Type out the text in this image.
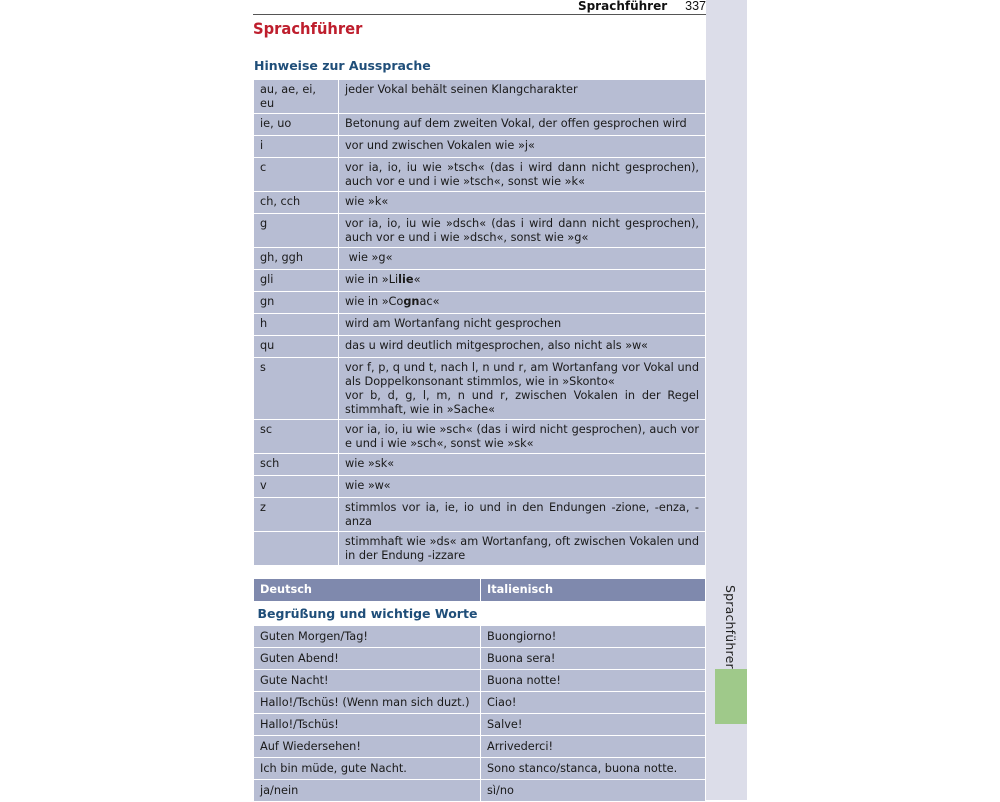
Sprachführer
Sprachführer 337
Sprachführer
Hinweise zur Aussprache
au, ae, ei, eu	jeder Vokal behält seinen Klangcharakter
ie, uo	Betonung auf dem zweiten Vokal, der offen gesprochen wird
i	vor und zwischen Vokalen wie »j«
c	vor ia, io, iu wie »tsch« (das i wird dann nicht gesprochen), auch vor e und i wie »tsch«, sonst wie »k«
ch, cch	wie »k«
g	vor ia, io, iu wie »dsch« (das i wird dann nicht gesprochen), auch vor e und i wie »dsch«, sonst wie »g«
gh, ggh	wie »g«
gli	wie in »Lilie«
gn	wie in »Cognac«
h	wird am Wortanfang nicht gesprochen
qu	das u wird deutlich mitgesprochen, also nicht als »w«
s	vor f, p, q und t, nach l, n und r, am Wortanfang vor Vokal und als Doppelkonsonant stimmlos, wie in »Skonto«
vor b, d, g, l, m, n und r, zwischen Vokalen in der Regel stimmhaft, wie in »Sache«

sc	vor ia, io, iu wie »sch« (das i wird nicht gesprochen), auch vor e und i wie »sch«, sonst wie »sk«
sch	wie »sk«
v	wie »w«
z	stimmlos vor ia, ie, io und in den Endungen -zione, -enza, -anza
	stimmhaft wie »ds« am Wortanfang, oft zwischen Vokalen und in der Endung -izzare
Deutsch	Italienisch
Begrüßung und wichtige Worte	
Guten Morgen/Tag!	Buongiorno!
Guten Abend!	Buona sera!
Gute Nacht!	Buona notte!
Hallo!/Tschüs! (Wenn man sich duzt.)	Ciao!
Hallo!/Tschüs!	Salve!
Auf Wiedersehen!	Arrivederci!
Ich bin müde, gute Nacht.	Sono stanco/stanca, buona notte.
ja/nein	sì/no
